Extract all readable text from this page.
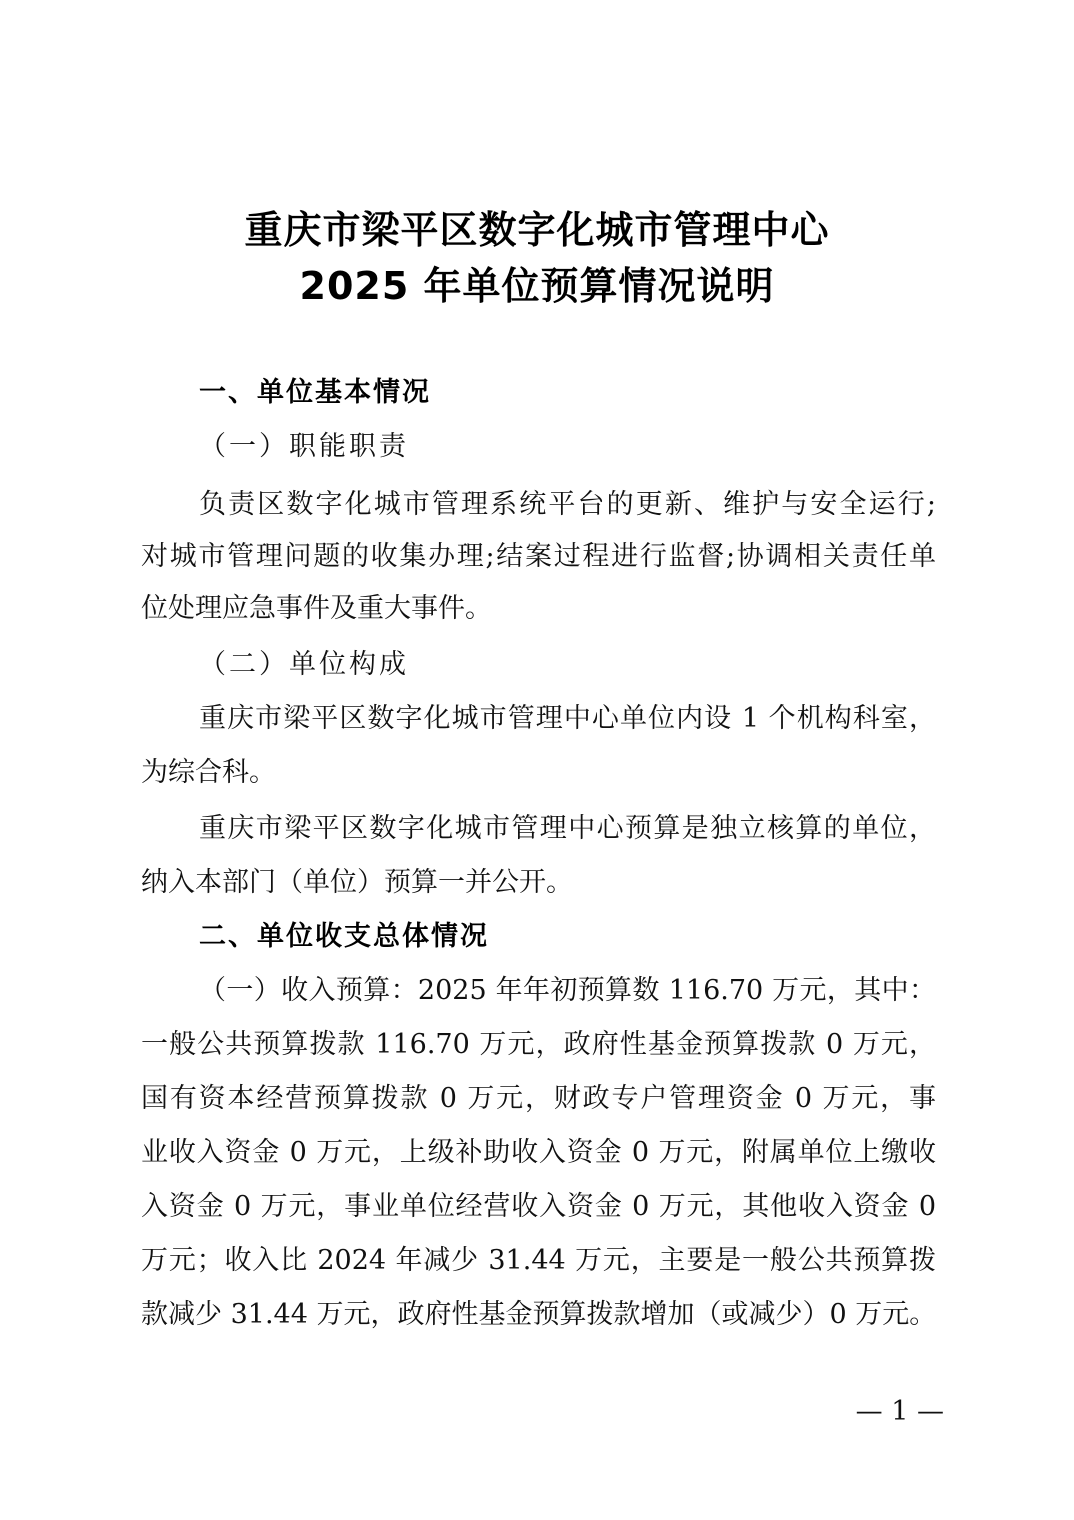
重庆市梁平区数字化城市管理中心
2025 年单位预算情况说明
一、单位基本情况
（一）职能职责
负责区数字化城市管理系统平台的更新、维护与安全运行;
对城市管理问题的收集办理;结案过程进行监督;协调相关责任单
位处理应急事件及重大事件。
（二）单位构成
重庆市梁平区数字化城市管理中心单位内设 1 个机构科室，
为综合科。
重庆市梁平区数字化城市管理中心预算是独立核算的单位，
纳入本部门（单位）预算一并公开。
二、单位收支总体情况
（一）收入预算：2025 年年初预算数 116.70 万元，其中：
一般公共预算拨款 116.70 万元，政府性基金预算拨款 0 万元，
国有资本经营预算拨款 0 万元，财政专户管理资金 0 万元，事
业收入资金 0 万元，上级补助收入资金 0 万元，附属单位上缴收
入资金 0 万元，事业单位经营收入资金 0 万元，其他收入资金 0
万元；收入比 2024 年减少 31.44 万元，主要是一般公共预算拨
款减少 31.44 万元，政府性基金预算拨款增加（或减少）0 万元。
— 1 —
